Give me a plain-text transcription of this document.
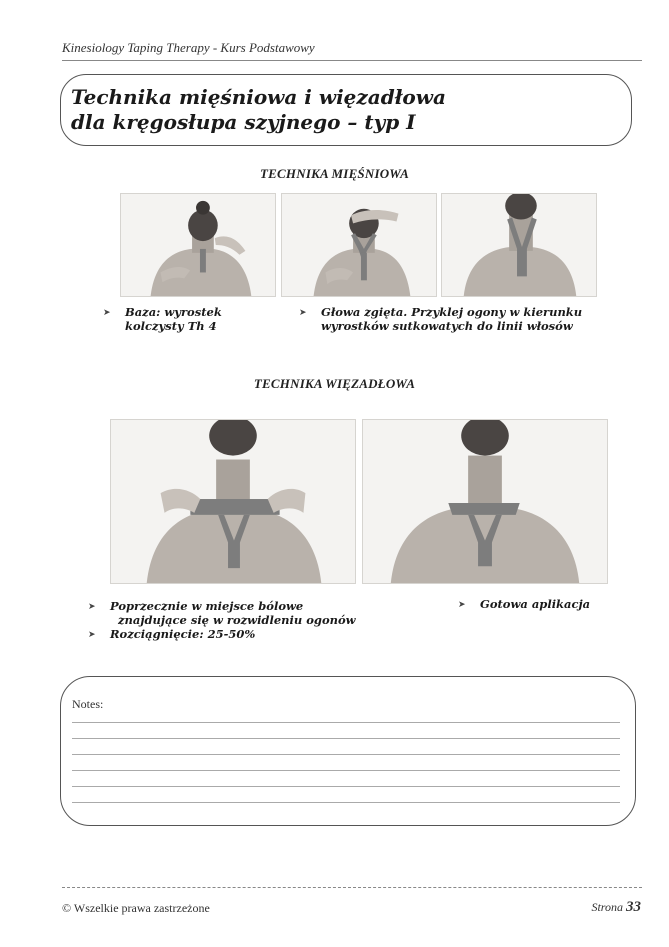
Kinesiology Taping Therapy - Kurs Podstawowy
Technika mięśniowa i więzadłowa
dla kręgosłupa szyjnego – typ I
TECHNIKA MIĘŚNIOWA
➤	Baza: wyrostek
kolczysty Th 4
➤	Głowa zgięta. Przyklej ogony w kierunku
wyrostków sutkowatych do linii włosów
TECHNIKA WIĘZADŁOWA
➤	Poprzecznie w miejsce bólowe
znajdujące się w rozwidleniu ogonów
➤	Rozciągnięcie: 25-50%
➤	Gotowa aplikacja
Notes:
© Wszelkie prawa zastrzeżone	Strona 33
